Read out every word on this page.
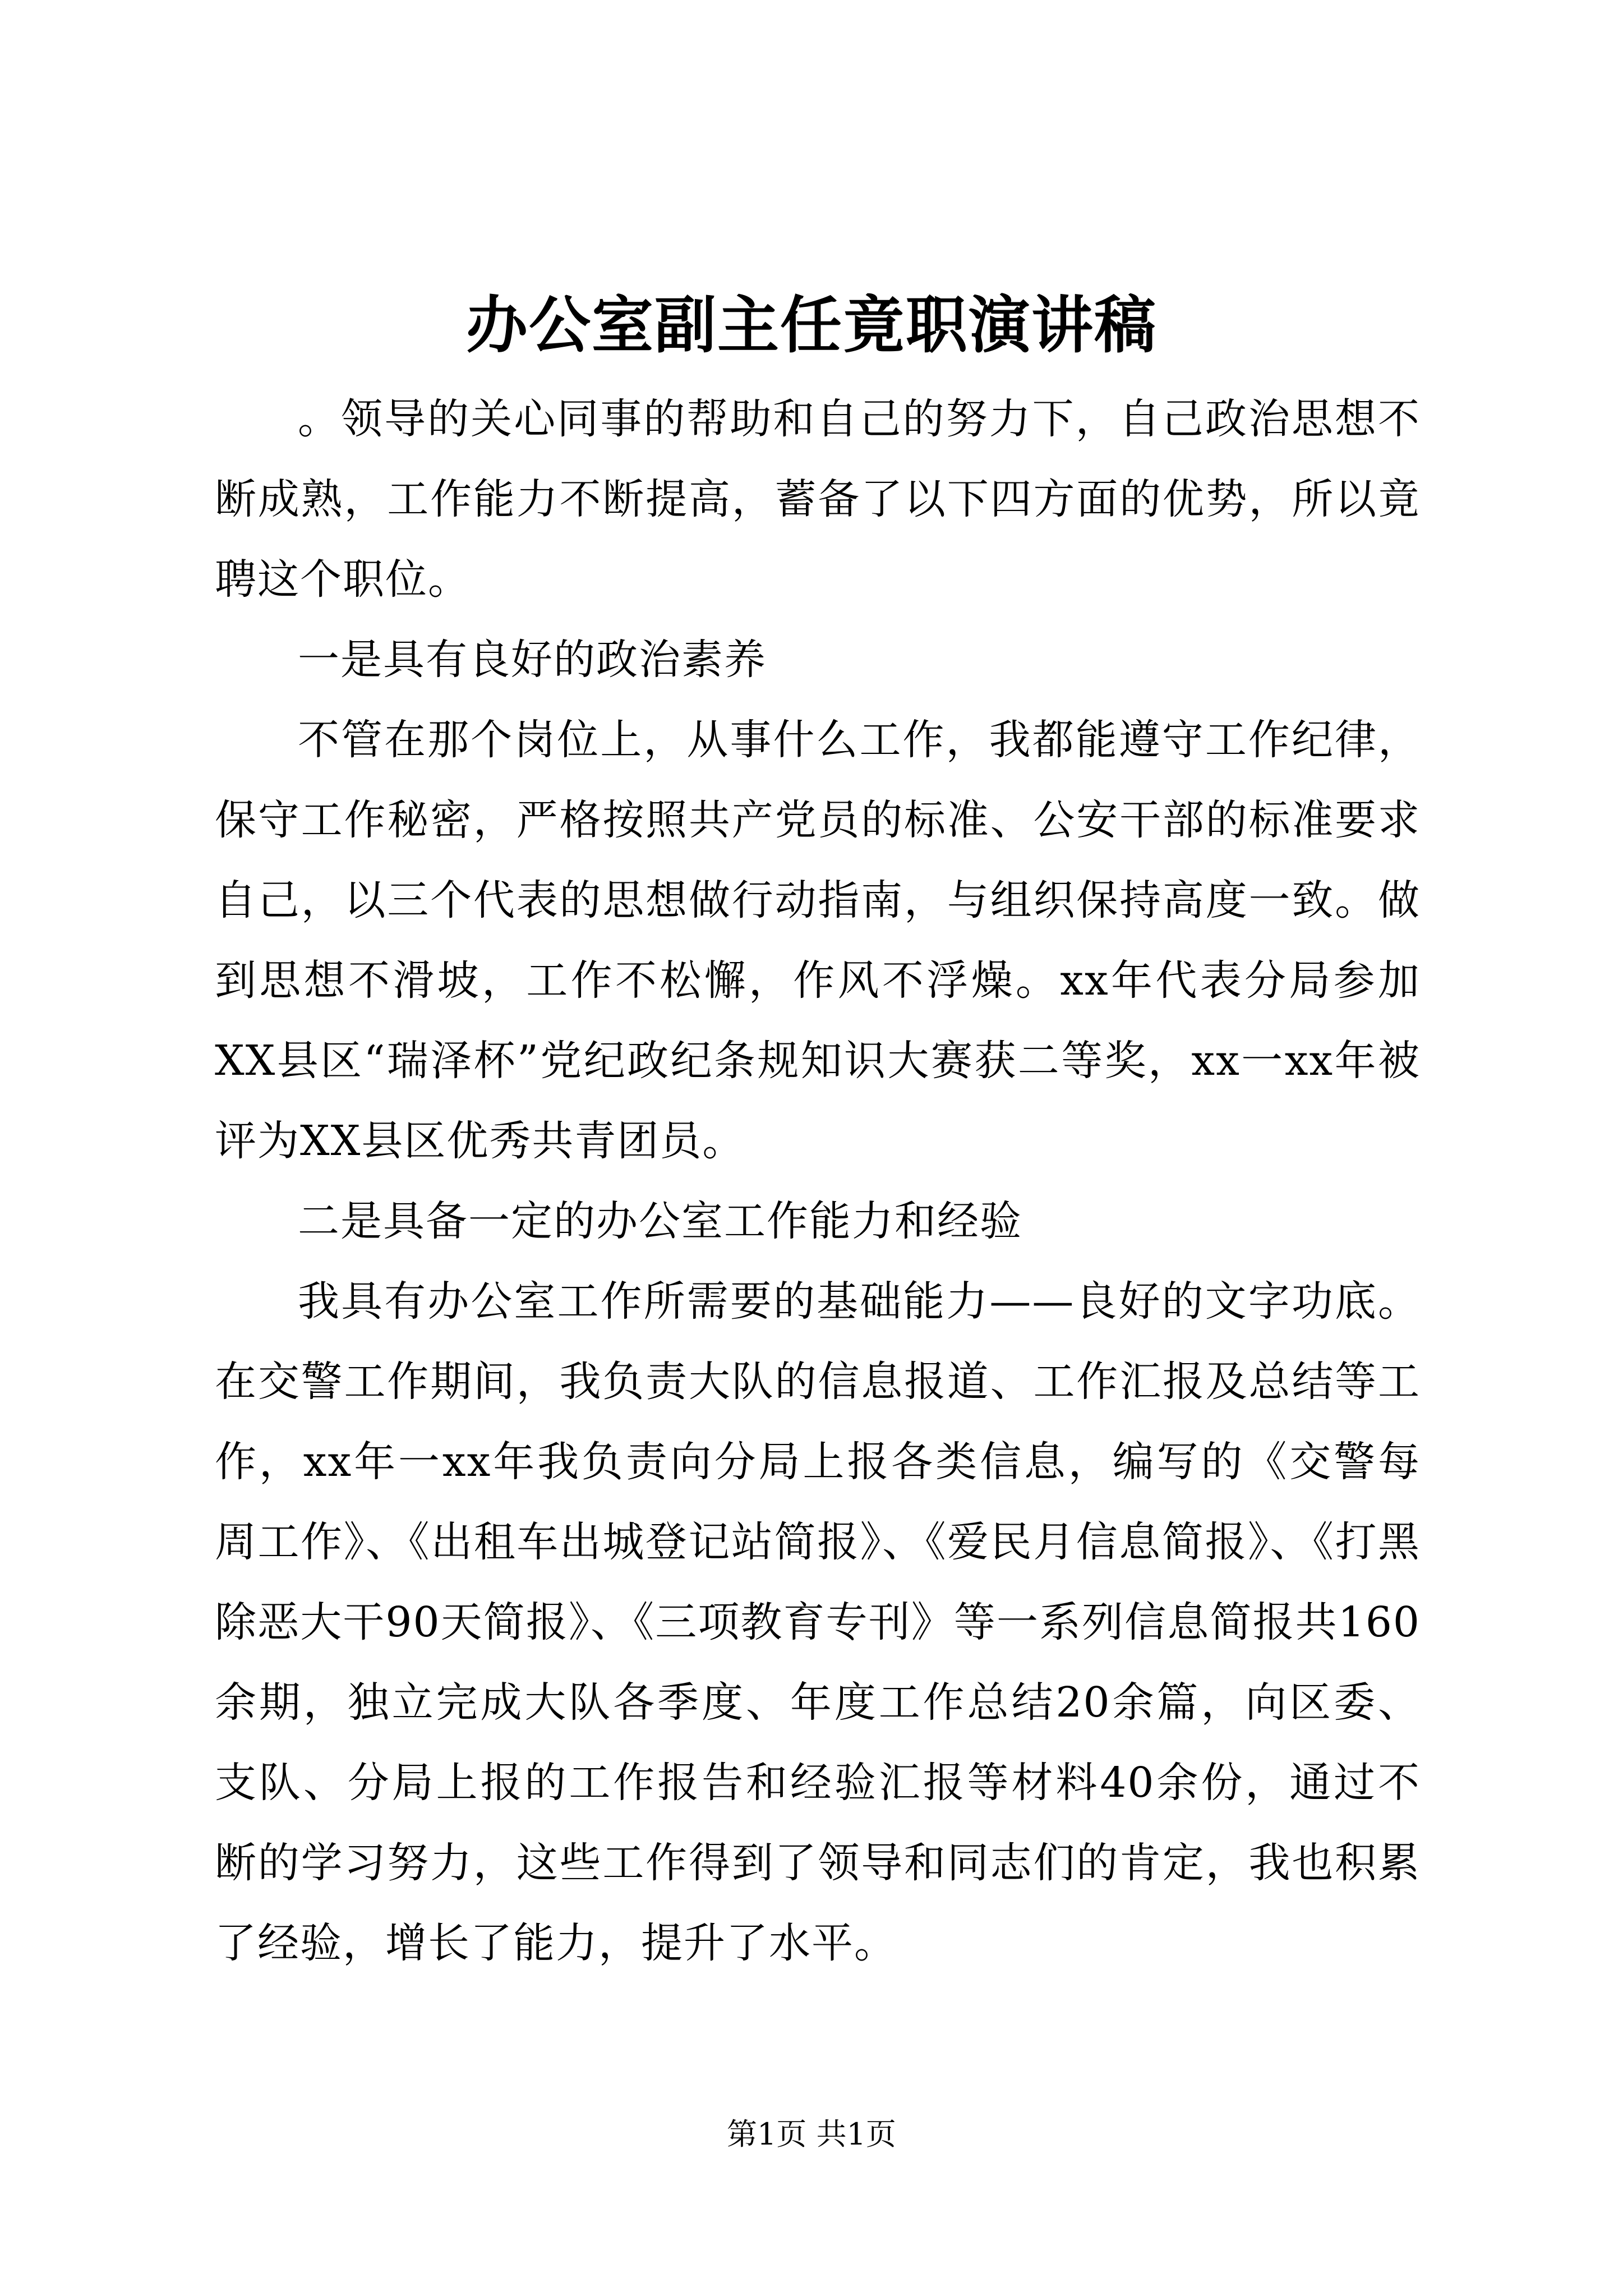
办公室副主任竟职演讲稿

。领导的关心同事的帮助和自己的努力下，自己政治思想不断成熟，工作能力不断提高，蓄备了以下四方面的优势，所以竟聘这个职位。

一是具有良好的政治素养

不管在那个岗位上，从事什么工作，我都能遵守工作纪律，保守工作秘密，严格按照共产党员的标准、公安干部的标准要求自己，以三个代表的思想做行动指南，与组织保持高度一致。做到思想不滑坡，工作不松懈，作风不浮燥。xx年代表分局参加XX县区“瑞泽杯”党纪政纪条规知识大赛获二等奖，xx一xx年被评为XX县区优秀共青团员。

二是具备一定的办公室工作能力和经验

我具有办公室工作所需要的基础能力——良好的文字功底。在交警工作期间，我负责大队的信息报道、工作汇报及总结等工作，xx年一xx年我负责向分局上报各类信息，编写的《交警每周工作》、《出租车出城登记站简报》、《爱民月信息简报》、《打黑除恶大干90天简报》、《三项教育专刊》等一系列信息简报共160余期，独立完成大队各季度、年度工作总结20余篇，向区委、支队、分局上报的工作报告和经验汇报等材料40余份，通过不断的学习努力，这些工作得到了领导和同志们的肯定，我也积累了经验，增长了能力，提升了水平。

第1页 共1页
